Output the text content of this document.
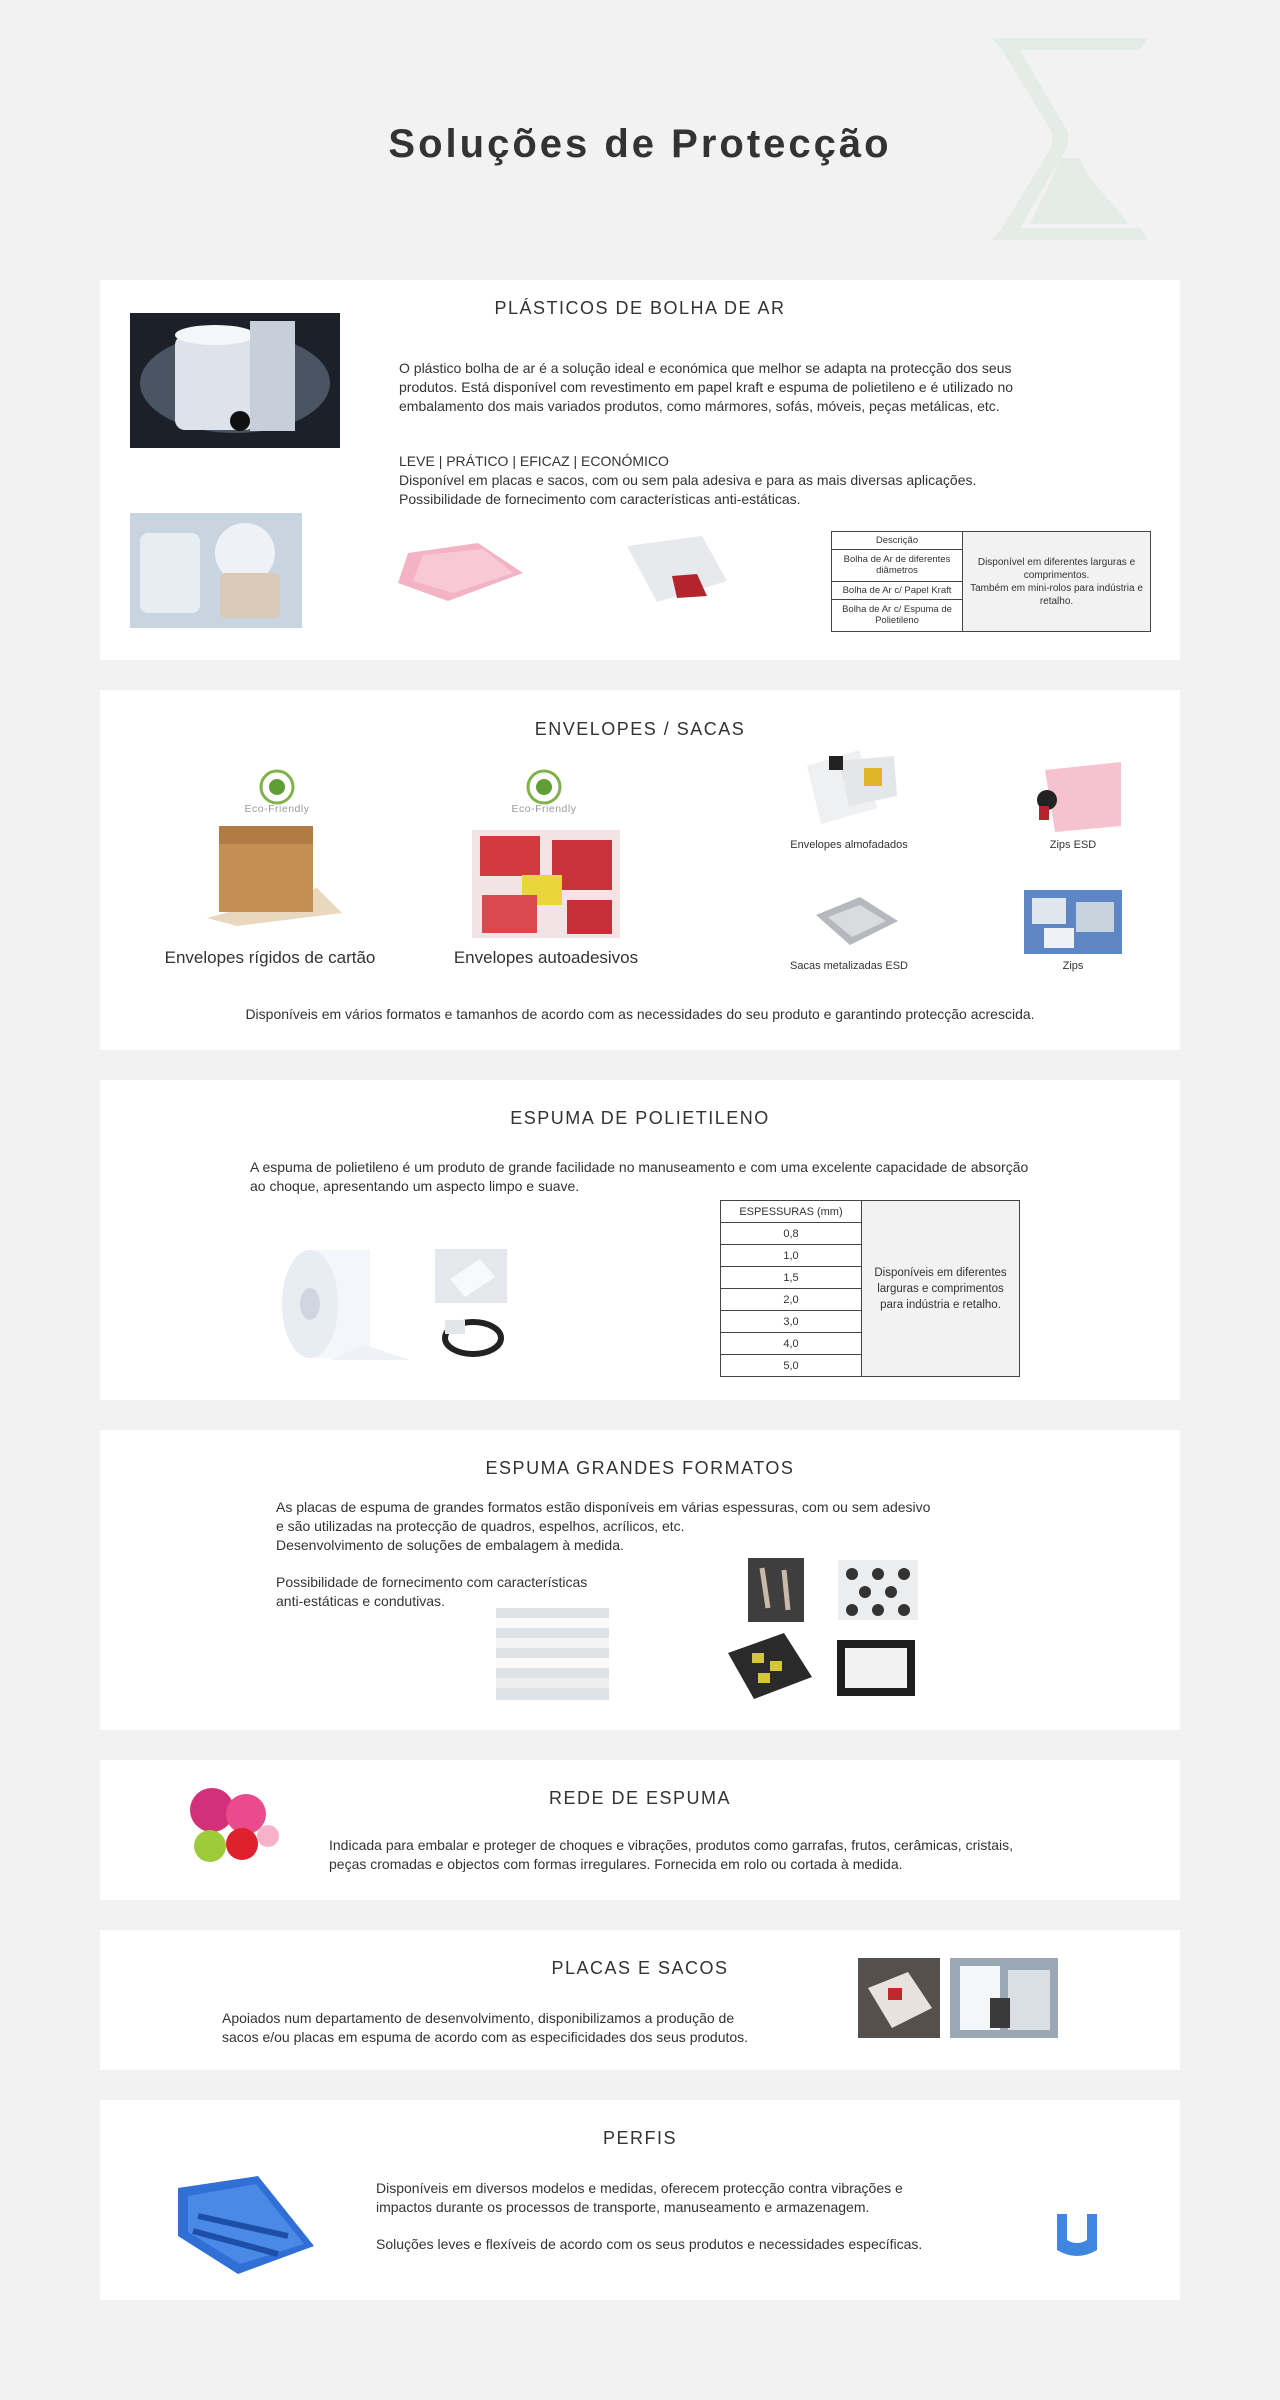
Soluções de Protecção
PLÁSTICOS DE BOLHA DE AR
O plástico bolha de ar é a solução ideal e económica que melhor se adapta na protecção dos seus produtos. Está disponível com revestimento em papel kraft e espuma de polietileno e é utilizado no embalamento dos mais variados produtos, como mármores, sofás, móveis, peças metálicas, etc.
LEVE | PRÁTICO | EFICAZ | ECONÓMICO
Disponível em placas e sacos, com ou sem pala adesiva e para as mais diversas aplicações.
Possibilidade de fornecimento com características anti-estáticas.
Descrição	Disponível em diferentes larguras e comprimentos.
Também em mini-rolos para indústria e retalho.
Bolha de Ar de diferentes diâmetros
Bolha de Ar c/ Papel Kraft
Bolha de Ar c/ Espuma de Polietileno
ENVELOPES / SACAS
Eco-Friendly
Envelopes rígidos de cartão
Eco-Friendly
Envelopes autoadesivos
Envelopes almofadados	Zips ESD
Sacas metalizadas ESD	Zips
Disponíveis em vários formatos e tamanhos de acordo com as necessidades do seu produto e garantindo protecção acrescida.
ESPUMA DE POLIETILENO
A espuma de polietileno é um produto de grande facilidade no manuseamento e com uma excelente capacidade de absorção ao choque, apresentando um aspecto limpo e suave.
ESPESSURAS (mm)	Disponíveis em diferentes larguras e comprimentos para indústria e retalho.
0,8
1,0
1,5
2,0
3,0
4,0
5,0
ESPUMA GRANDES FORMATOS
As placas de espuma de grandes formatos estão disponíveis em várias espessuras, com ou sem adesivo
e são utilizadas na protecção de quadros, espelhos, acrílicos, etc.
Desenvolvimento de soluções de embalagem à medida.
Possibilidade de fornecimento com características
anti-estáticas e condutivas.
REDE DE ESPUMA
Indicada para embalar e proteger de choques e vibrações, produtos como garrafas, frutos, cerâmicas, cristais,
peças cromadas e objectos com formas irregulares. Fornecida em rolo ou cortada à medida.
PLACAS E SACOS
Apoiados num departamento de desenvolvimento, disponibilizamos a produção de
sacos e/ou placas em espuma de acordo com as especificidades dos seus produtos.
PERFIS
Disponíveis em diversos modelos e medidas, oferecem protecção contra vibrações e
impactos durante os processos de transporte, manuseamento e armazenagem.
Soluções leves e flexíveis de acordo com os seus produtos e necessidades específicas.
